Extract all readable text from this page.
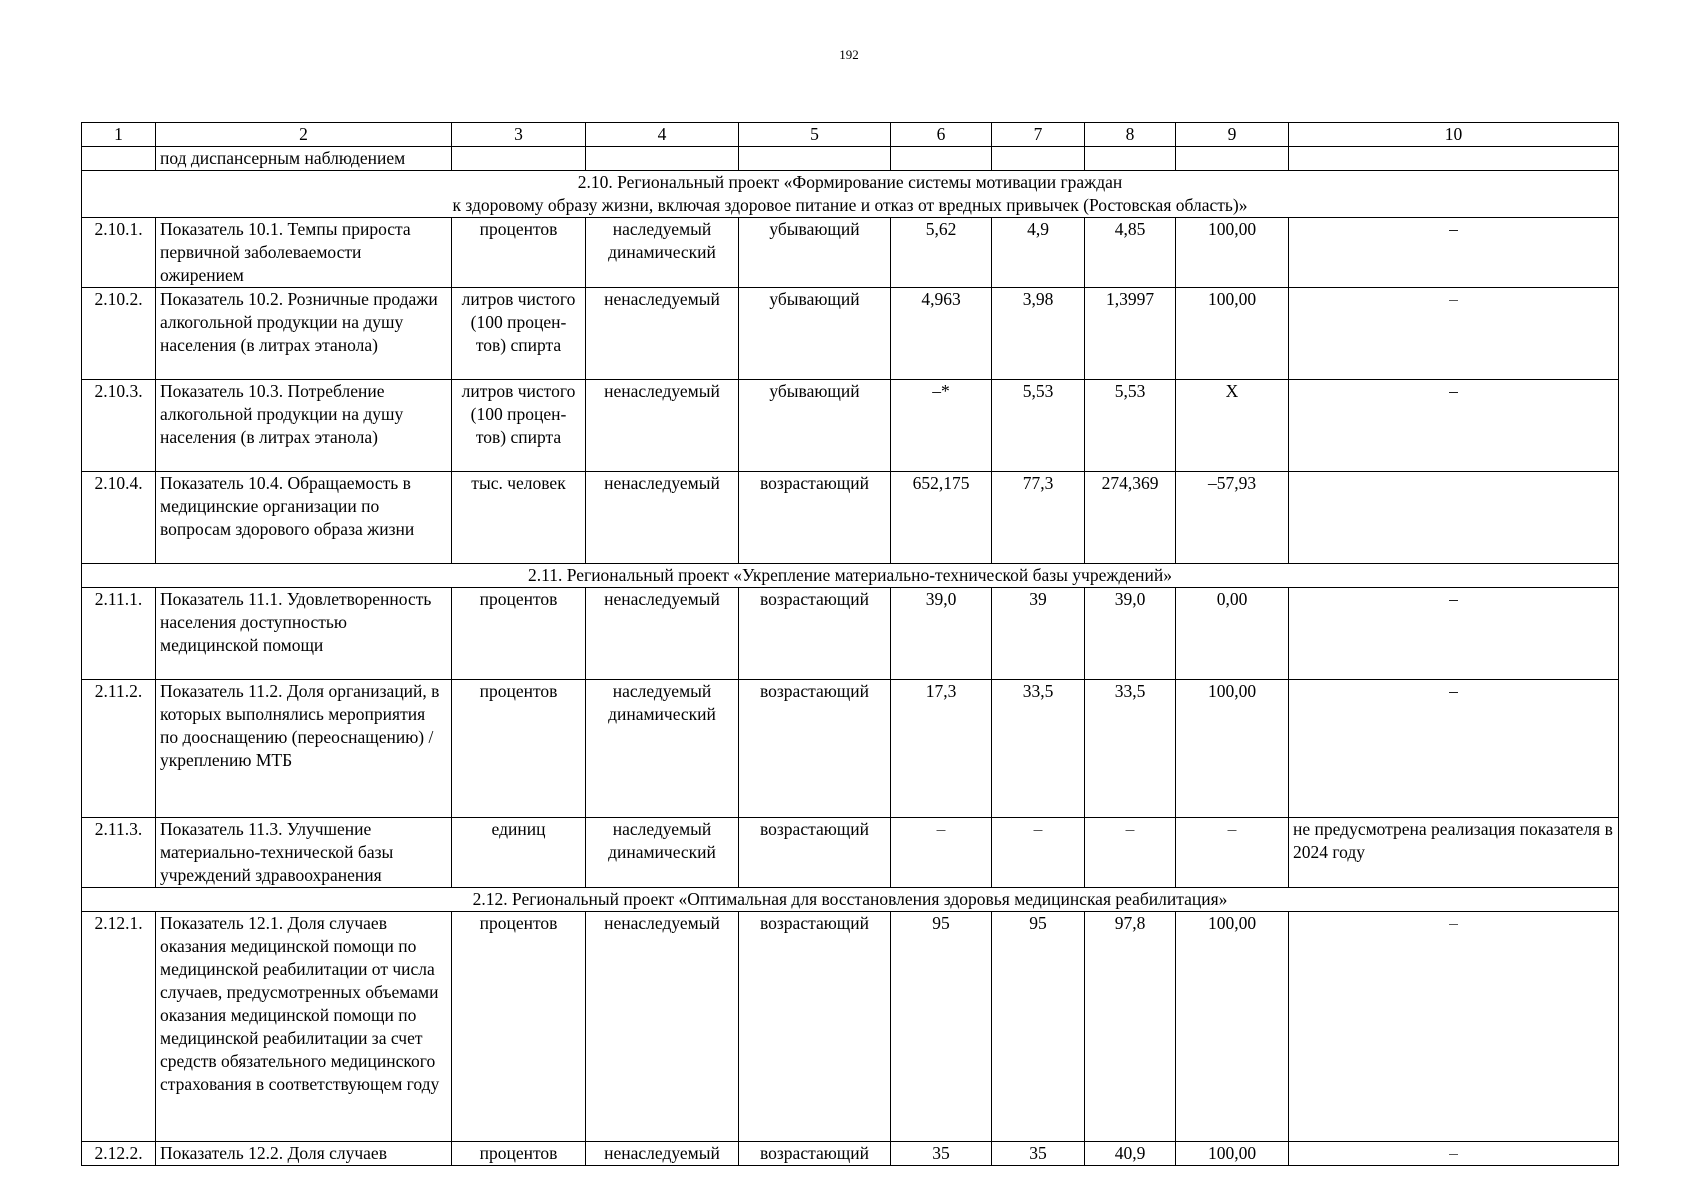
192
1	2	3	4	5	6	7	8	9	10
	под диспансерным наблюдением								

2.10. Региональный проект «Формирование системы мотивации граждан
к здоровому образу жизни, включая здоровое питание и отказ от вредных привычек (Ростовская область)»									

2.10.1.	Показатель 10.1. Темпы прироста первичной заболеваемости ожирением	процентов	наследуемый динамический	убывающий	5,62	4,9	4,85	100,00	–
2.10.2.	Показатель 10.2. Розничные продажи алкогольной продукции на душу населения (в литрах этанола)	литров чистого (100 процен-тов) спирта	ненаследуемый	убывающий	4,963	3,98	1,3997	100,00	–
2.10.3.	Показатель 10.3. Потребление алкогольной продукции на душу населения (в литрах этанола)	литров чистого (100 процен-тов) спирта	ненаследуемый	убывающий	–*	5,53	5,53	Х	–
2.10.4.	Показатель 10.4. Обращаемость в медицинские организации по вопросам здорового образа жизни	тыс. человек	ненаследуемый	возрастающий	652,175	77,3	274,369	–57,93	
2.11. Региональный проект «Укрепление материально-технической базы учреждений»									
2.11.1.	Показатель 11.1. Удовлетворенность населения доступностью медицинской помощи	процентов	ненаследуемый	возрастающий	39,0	39	39,0	0,00	–
2.11.2.	Показатель 11.2. Доля организаций, в которых выполнялись мероприятия по дооснащению (переоснащению) / укреплению МТБ	процентов	наследуемый динамический	возрастающий	17,3	33,5	33,5	100,00	–
2.11.3.	Показатель 11.3. Улучшение материально-технической базы учреждений здравоохранения	единиц	наследуемый динамический	возрастающий	–	–	–	–	не предусмотрена реализация показателя в 2024 году
2.12. Региональный проект «Оптимальная для восстановления здоровья медицинская реабилитация»									
2.12.1.	Показатель 12.1. Доля случаев оказания медицинской помощи по медицинской реабилитации от числа случаев, предусмотренных объемами оказания медицинской помощи по медицинской реабилитации за счет средств обязательного медицинского страхования в соответствующем году	процентов	ненаследуемый	возрастающий	95	95	97,8	100,00	–
2.12.2.	Показатель 12.2. Доля случаев	процентов	ненаследуемый	возрастающий	35	35	40,9	100,00	–
